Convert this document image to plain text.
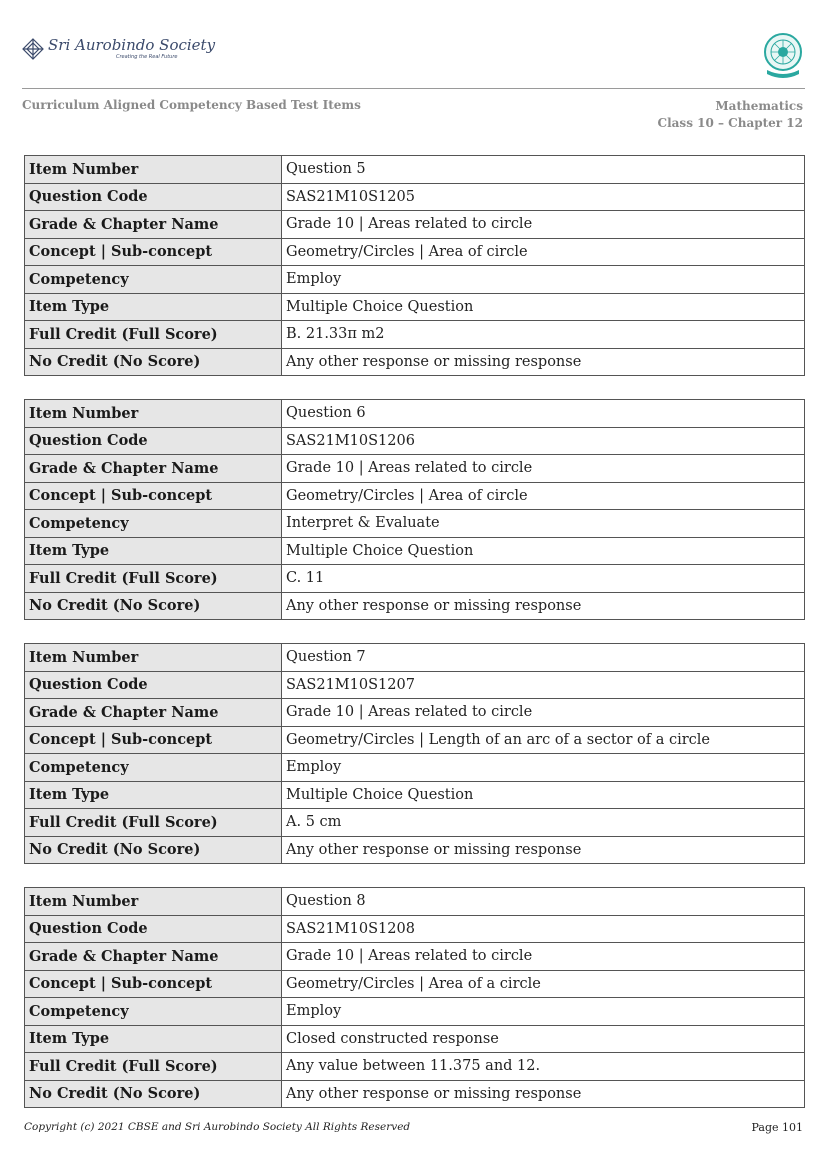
Sri Aurobindo Society
Creating the Real Future
Curriculum Aligned Competency Based Test Items	Mathematics
Class 10 – Chapter 12
Item Number	Question 5
Question Code	SAS21M10S1205
Grade & Chapter Name	Grade 10 | Areas related to circle
Concept | Sub-concept	Geometry/Circles | Area of circle
Competency	Employ
Item Type	Multiple Choice Question
Full Credit (Full Score)	B. 21.33π m2
No Credit (No Score)	Any other response or missing response
Item Number	Question 6
Question Code	SAS21M10S1206
Grade & Chapter Name	Grade 10 | Areas related to circle
Concept | Sub-concept	Geometry/Circles | Area of circle
Competency	Interpret & Evaluate
Item Type	Multiple Choice Question
Full Credit (Full Score)	C. 11
No Credit (No Score)	Any other response or missing response
Item Number	Question 7
Question Code	SAS21M10S1207
Grade & Chapter Name	Grade 10 | Areas related to circle
Concept | Sub-concept	Geometry/Circles | Length of an arc of a sector of a circle
Competency	Employ
Item Type	Multiple Choice Question
Full Credit (Full Score)	A. 5 cm
No Credit (No Score)	Any other response or missing response
Item Number	Question 8
Question Code	SAS21M10S1208
Grade & Chapter Name	Grade 10 | Areas related to circle
Concept | Sub-concept	Geometry/Circles | Area of a circle
Competency	Employ
Item Type	Closed constructed response
Full Credit (Full Score)	Any value between 11.375 and 12.
No Credit (No Score)	Any other response or missing response
Copyright (c) 2021 CBSE and Sri Aurobindo Society All Rights Reserved	Page 101
